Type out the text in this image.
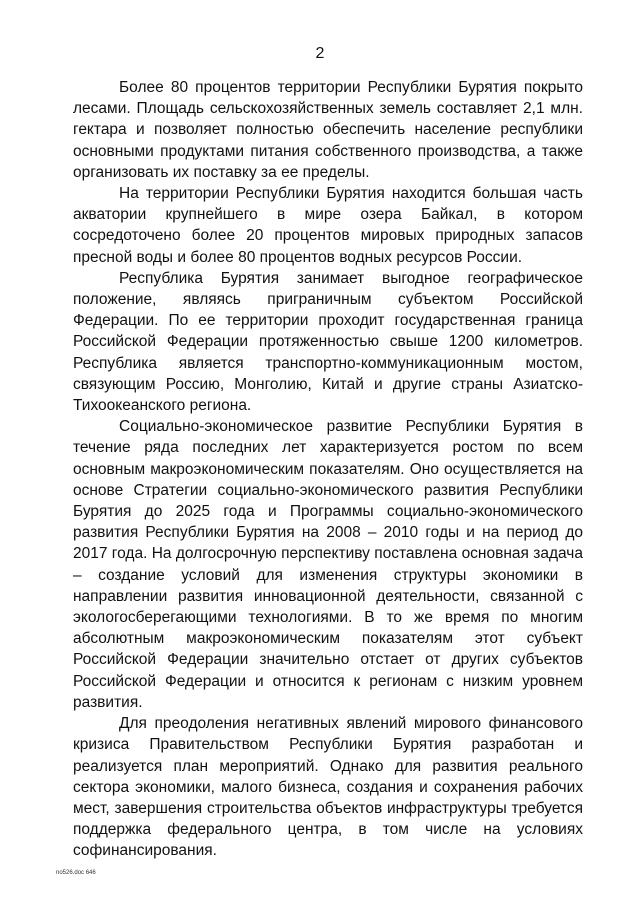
2

Более 80 процентов территории Республики Бурятия покрыто лесами. Площадь сельскохозяйственных земель составляет 2,1 млн. гектара и позволяет полностью обеспечить население республики основными продуктами питания собственного производства, а также организовать их поставку за ее пределы.

На территории Республики Бурятия находится большая часть акватории крупнейшего в мире озера Байкал, в котором сосредоточено более 20 процентов мировых природных запасов пресной воды и более 80 процентов водных ресурсов России.

Республика Бурятия занимает выгодное географическое положение, являясь приграничным субъектом Российской Федерации. По ее территории проходит государственная граница Российской Федерации протяженностью свыше 1200 километров. Республика является транспортно-коммуникационным мостом, связующим Россию, Монголию, Китай и другие страны Азиатско-Тихоокеанского региона.

Социально-экономическое развитие Республики Бурятия в течение ряда последних лет характеризуется ростом по всем основным макроэкономическим показателям. Оно осуществляется на основе Стратегии социально-экономического развития Республики Бурятия до 2025 года и Программы социально-экономического развития Республики Бурятия на 2008 – 2010 годы и на период до 2017 года. На долгосрочную перспективу поставлена основная задача – создание условий для изменения структуры экономики в направлении развития инновационной деятельности, связанной с экологосберегающими технологиями. В то же время по многим абсолютным макроэкономическим показателям этот субъект Российской Федерации значительно отстает от других субъектов Российской Федерации и относится к регионам с низким уровнем развития.

Для преодоления негативных явлений мирового финансового кризиса Правительством Республики Бурятия разработан и реализуется план мероприятий. Однако для развития реального сектора экономики, малого бизнеса, создания и сохранения рабочих мест, завершения строительства объектов инфраструктуры требуется поддержка федерального центра, в том числе на условиях софинансирования.

no526.doc 646
